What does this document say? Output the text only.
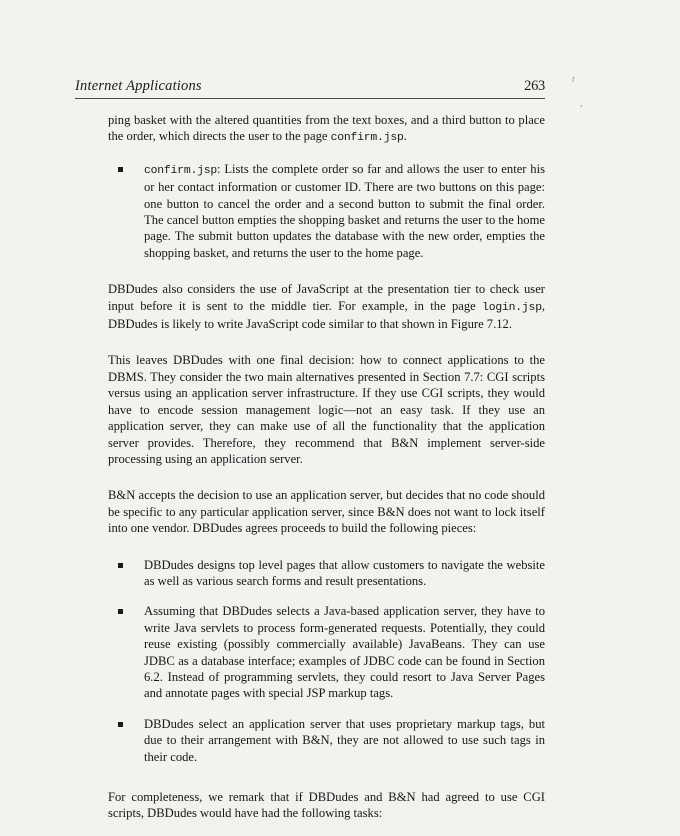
t
,
Internet Applications	263

ping basket with the altered quantities from the text boxes, and a third button to place the order, which directs the user to the page confirm.jsp.

confirm.jsp: Lists the complete order so far and allows the user to enter his or her contact information or customer ID. There are two buttons on this page: one button to cancel the order and a second button to submit the final order. The cancel button empties the shopping basket and returns the user to the home page. The submit button updates the database with the new order, empties the shopping basket, and returns the user to the home page.

DBDudes also considers the use of JavaScript at the presentation tier to check user input before it is sent to the middle tier. For example, in the page login.jsp, DBDudes is likely to write JavaScript code similar to that shown in Figure 7.12.

This leaves DBDudes with one final decision: how to connect applications to the DBMS. They consider the two main alternatives presented in Section 7.7: CGI scripts versus using an application server infrastructure. If they use CGI scripts, they would have to encode session management logic—not an easy task. If they use an application server, they can make use of all the functionality that the application server provides. Therefore, they recommend that B&N implement server-side processing using an application server.

B&N accepts the decision to use an application server, but decides that no code should be specific to any particular application server, since B&N does not want to lock itself into one vendor. DBDudes agrees proceeds to build the following pieces:

DBDudes designs top level pages that allow customers to navigate the website as well as various search forms and result presentations.
Assuming that DBDudes selects a Java-based application server, they have to write Java servlets to process form-generated requests. Potentially, they could reuse existing (possibly commercially available) JavaBeans. They can use JDBC as a database interface; examples of JDBC code can be found in Section 6.2. Instead of programming servlets, they could resort to Java Server Pages and annotate pages with special JSP markup tags.
DBDudes select an application server that uses proprietary markup tags, but due to their arrangement with B&N, they are not allowed to use such tags in their code.

For completeness, we remark that if DBDudes and B&N had agreed to use CGI scripts, DBDudes would have had the following tasks:
